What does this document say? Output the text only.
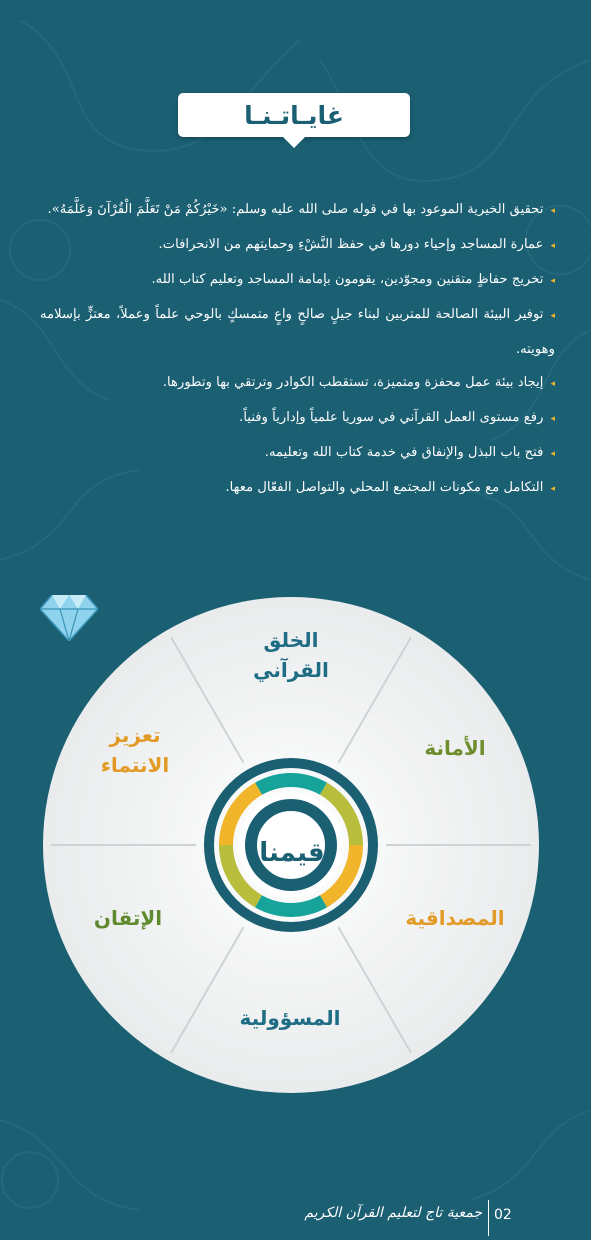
غايـاتـنـا
◂تحقيق الخيرية الموعود بها في قوله صلى الله عليه وسلم: «خَيْرُكُمْ مَنْ تَعَلَّمَ الْقُرْآنَ وَعَلَّمَهُ».
◂عمارة المساجد وإحياء دورها في حفظ النَّشْءِ وحمايتهم من الانحرافات.
◂تخريج حفاظٍ متقنين ومجوّدين، يقومون بإمامة المساجد وتعليم كتاب الله.
◂توفير البيئة الصالحة للمتربين لبناء جيلٍ صالحٍ واعٍ متمسكٍ بالوحي علماً وعملاً، معتزٍّ بإسلامه وهويته.
◂إيجاد بيئة عمل محفزة ومتميزة، تستقطب الكوادر وترتقي بها وتطورها.
◂رفع مستوى العمل القرآني في سوريا علمياً وإدارياً وفنياً.
◂فتح باب البذل والإنفاق في خدمة كتاب الله وتعليمه.
◂التكامل مع مكونات المجتمع المحلي والتواصل الفعّال معها.
قيمنا
الخلق
القرآني
الأمانة
المصداقية
المسؤولية
الإتقان
تعزيز
الانتماء
02
جمعية تاج لتعليم القرآن الكريم
